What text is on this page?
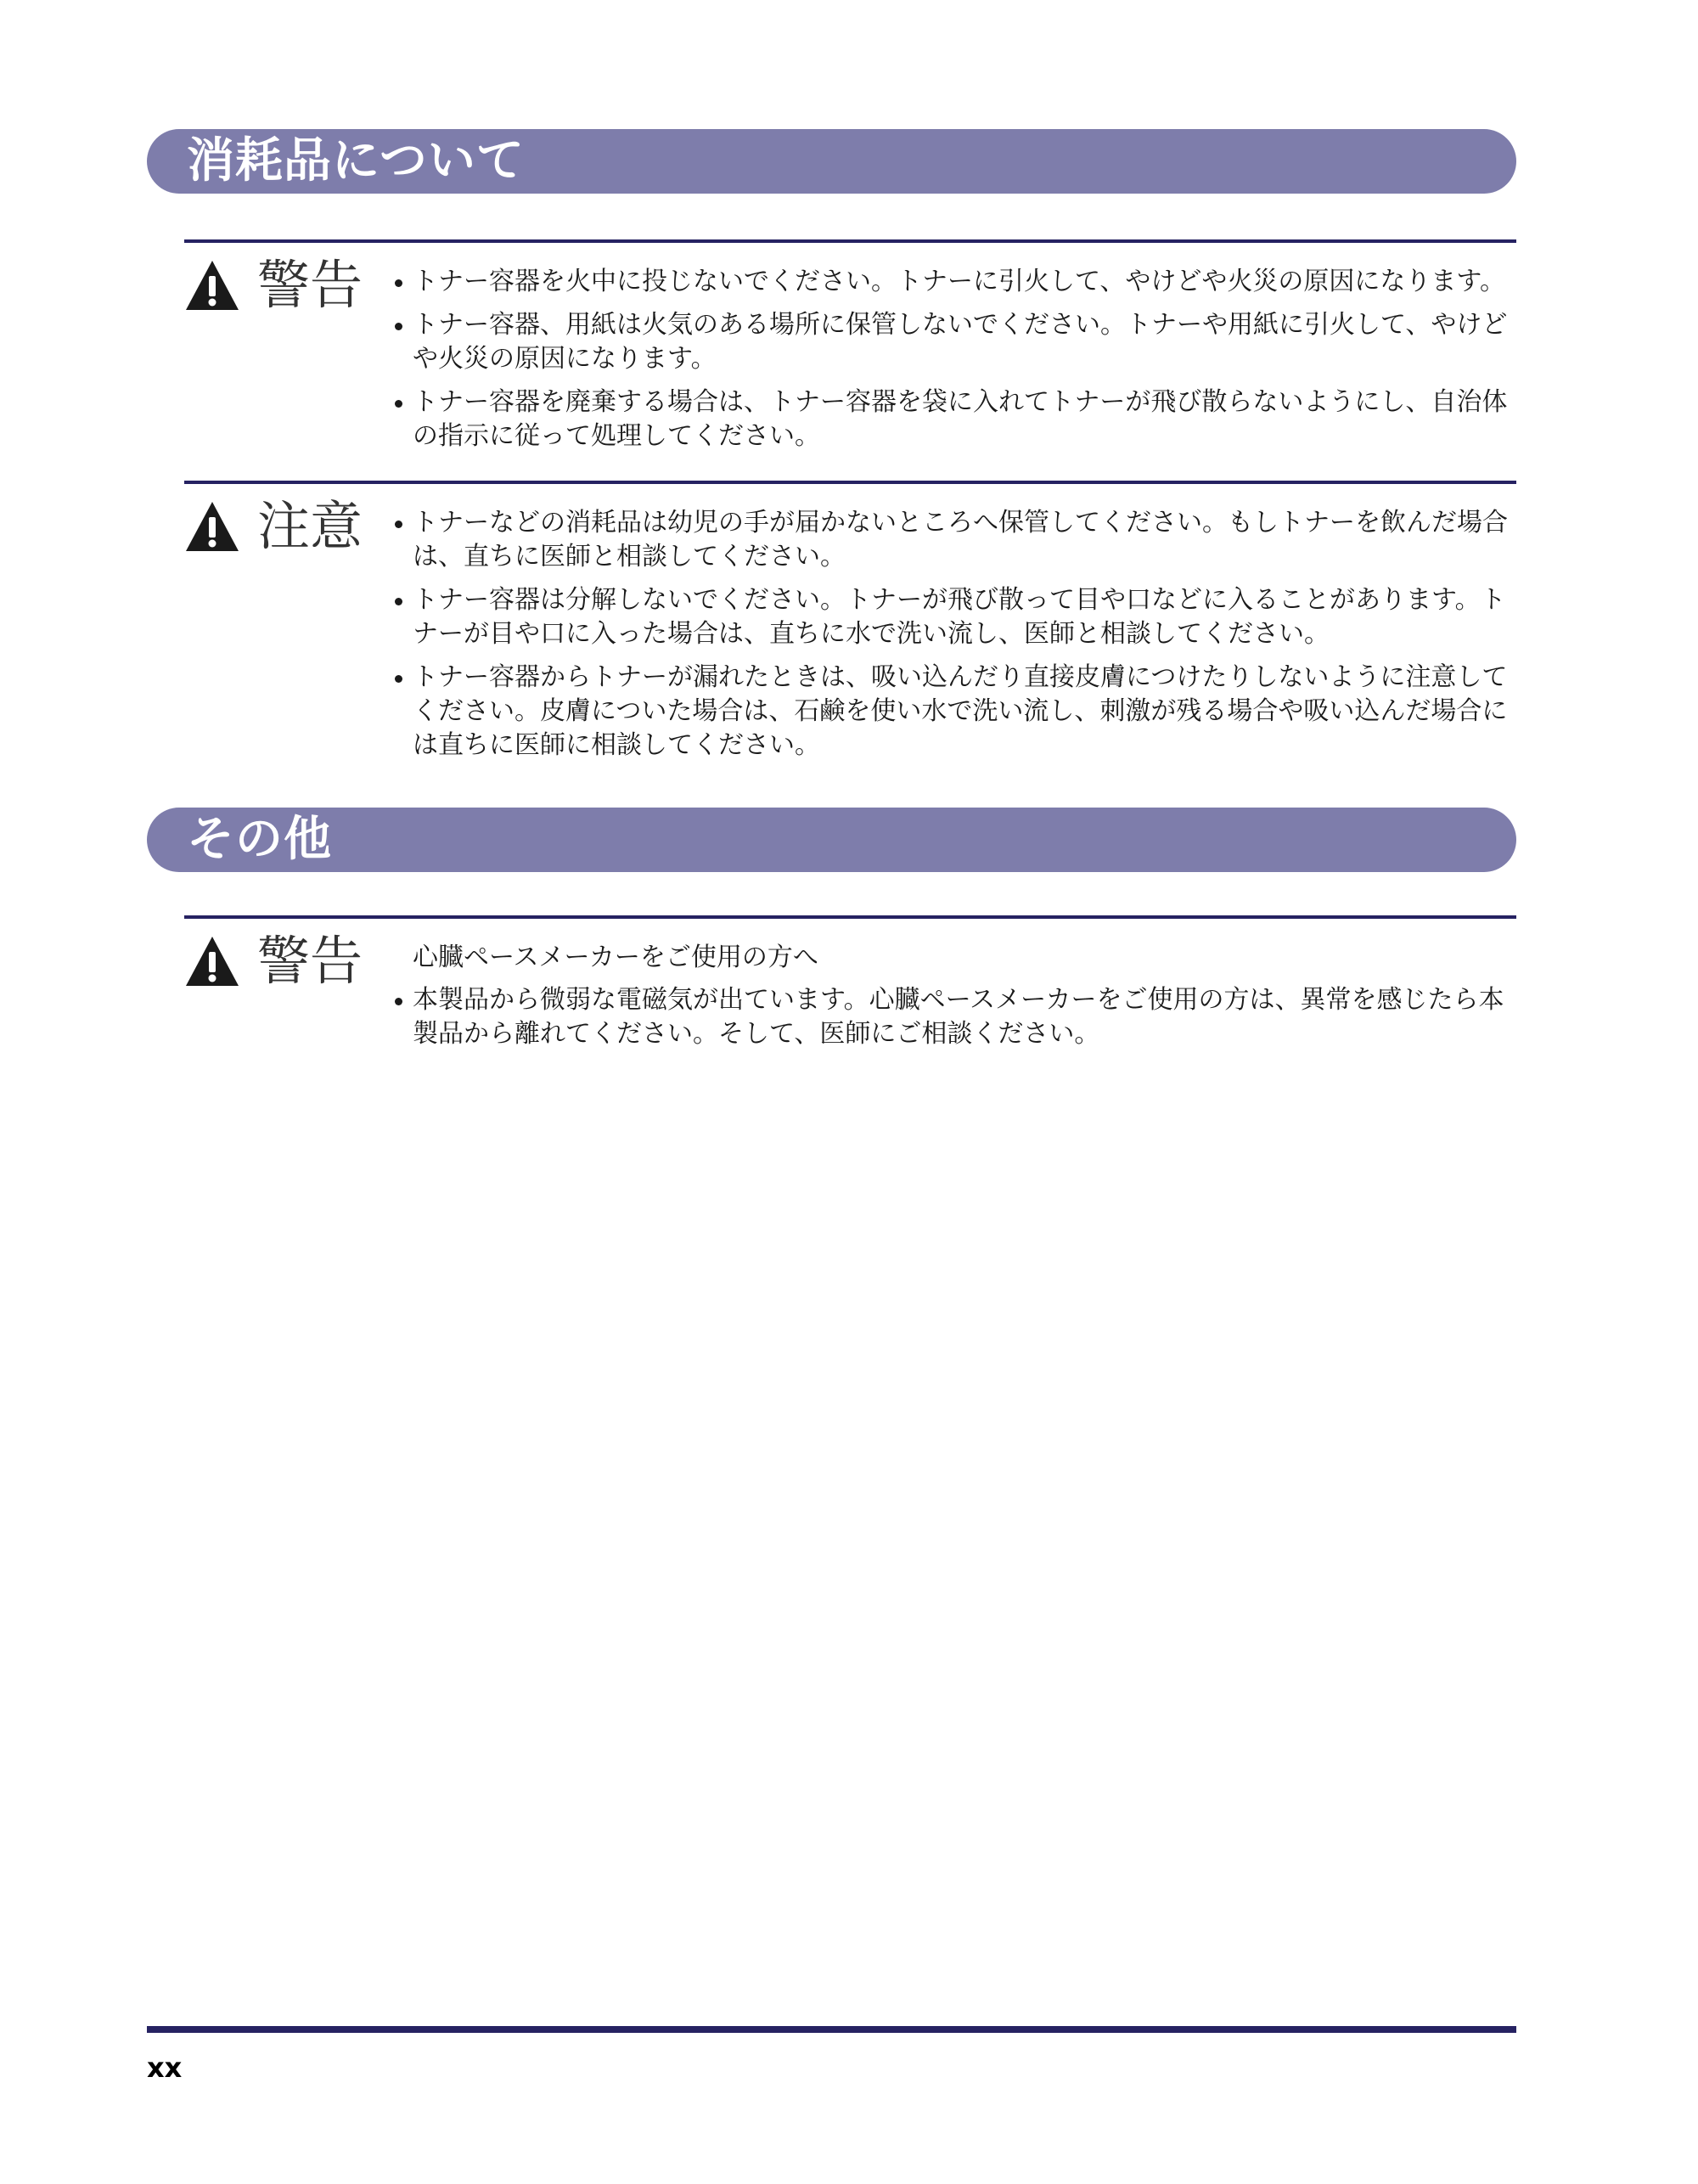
消耗品について
警告	トナー容器を火中に投じないでください。トナーに引火して、やけどや火災の原因になります。
トナー容器、用紙は火気のある場所に保管しないでください。トナーや用紙に引火して、やけどや火災の原因になります。
トナー容器を廃棄する場合は、トナー容器を袋に入れてトナーが飛び散らないようにし、自治体の指示に従って処理してください。
注意	トナーなどの消耗品は幼児の手が届かないところへ保管してください。もしトナーを飲んだ場合は、直ちに医師と相談してください。
トナー容器は分解しないでください。トナーが飛び散って目や口などに入ることがあります。トナーが目や口に入った場合は、直ちに水で洗い流し、医師と相談してください。
トナー容器からトナーが漏れたときは、吸い込んだり直接皮膚につけたりしないように注意してください。皮膚についた場合は、石鹸を使い水で洗い流し、刺激が残る場合や吸い込んだ場合には直ちに医師に相談してください。
その他
警告	心臓ペースメーカーをご使用の方へ

本製品から微弱な電磁気が出ています。心臓ペースメーカーをご使用の方は、異常を感じたら本製品から離れてください。そして、医師にご相談ください。
xx
